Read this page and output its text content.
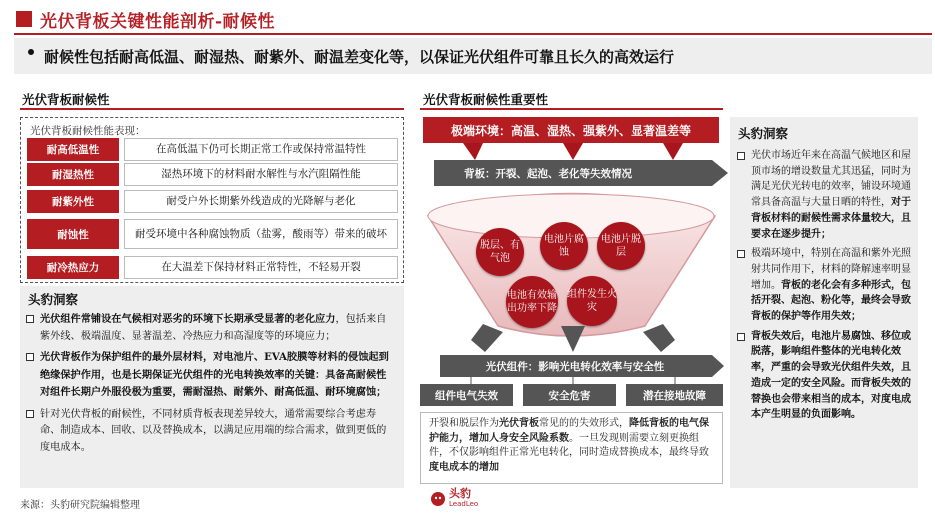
光伏背板关键性能剖析-耐候性
耐候性包括耐高低温、耐湿热、耐紫外、耐温差变化等，以保证光伏组件可靠且长久的高效运行
光伏背板耐候性
光伏背板耐候性能表现：
耐高低温性	在高低温下仍可长期正常工作或保持常温特性
耐湿热性	湿热环境下的材料耐水解性与水汽阻隔性能
耐紫外性	耐受户外长期紫外线造成的光降解与老化
耐蚀性	耐受环境中各种腐蚀物质（盐雾，酸雨等）带来的破坏
耐冷热应力	在大温差下保持材料正常特性，不轻易开裂
头豹洞察

光伏组件常铺设在气候相对恶劣的环境下长期承受显著的老化应力，包括来自紫外线、极端温度、显著温差、冷热应力和高湿度等的环境应力；

光伏背板作为保护组件的最外层材料，对电池片、EVA胶膜等材料的侵蚀起到绝缘保护作用，也是长期保证光伏组件的光电转换效率的关键：具备高耐候性对组件长期户外服役极为重要，需耐湿热、耐紫外、耐高低温、耐环境腐蚀；

针对光伏背板的耐候性，不同材质背板表现差异较大，通常需要综合考虑寿命、制造成本、回收、以及替换成本，以满足应用端的综合需求，做到更低的度电成本。

光伏背板耐候性重要性
极端环境：高温、湿热、强紫外、显著温差等
背板：开裂、起泡、老化等失效情况
脱层、有气泡
电池片腐蚀
电池片脱层
电池有效输出功率下降
组件发生火灾
光伏组件：影响光电转化效率与安全性
组件电气失效	安全危害	潜在接地故障
开裂和脱层作为光伏背板常见的的失效形式，降低背板的电气保护能力，增加人身安全风险系数。一旦发现则需要立刻更换组件，不仅影响组件正常光电转化，同时造成替换成本，最终导致度电成本的增加
头豹洞察

光伏市场近年来在高温气候地区和屋顶市场的增设数量尤其迅猛，同时为满足光伏光转电的效率，铺设环境通常具备高温与大量日晒的特性，对于背板材料的耐候性需求体量较大，且要求在逐步提升；

极端环境中，特别在高温和紫外光照射共同作用下，材料的降解速率明显增加。背板的老化会有多种形式，包括开裂、起泡、粉化等，最终会导致背板的保护等作用失效；

背板失效后，电池片易腐蚀、移位或脱落，影响组件整体的光电转化效率，严重的会导致光伏组件失效，且造成一定的安全风险。而背板失效的替换也会带来相当的成本，对度电成本产生明显的负面影响。

来源：头豹研究院编辑整理
头豹
LeadLeo
